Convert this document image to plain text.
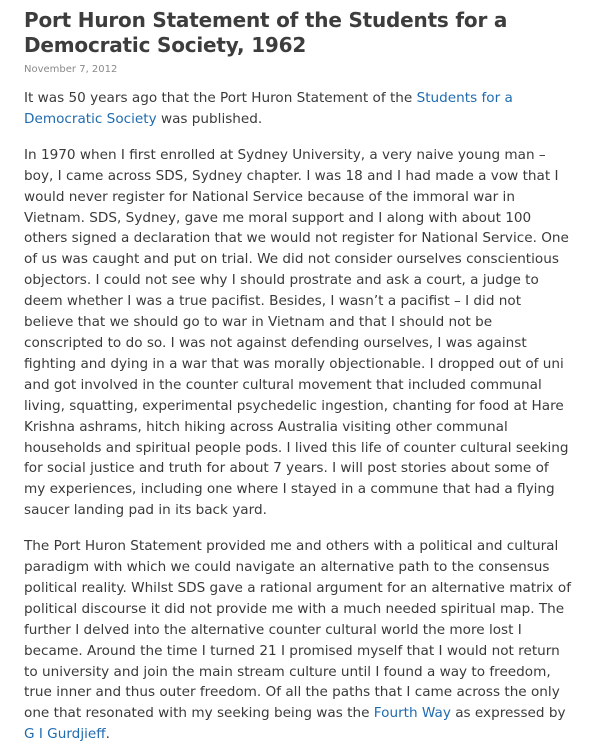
Port Huron Statement of the Students for a Democratic Society, 1962
November 7, 2012

It was 50 years ago that the Port Huron Statement of the Students for a Democratic Society was published.

In 1970 when I first enrolled at Sydney University, a very naive young man – boy, I came across SDS, Sydney chapter. I was 18 and I had made a vow that I would never register for National Service because of the immoral war in Vietnam. SDS, Sydney, gave me moral support and I along with about 100 others signed a declaration that we would not register for National Service. One of us was caught and put on trial. We did not consider ourselves conscientious objectors. I could not see why I should prostrate and ask a court, a judge to deem whether I was a true pacifist. Besides, I wasn’t a pacifist – I did not believe that we should go to war in Vietnam and that I should not be conscripted to do so. I was not against defending ourselves, I was against fighting and dying in a war that was morally objectionable. I dropped out of uni and got involved in the counter cultural movement that included communal living, squatting, experimental psychedelic ingestion, chanting for food at Hare Krishna ashrams, hitch hiking across Australia visiting other communal households and spiritual people pods. I lived this life of counter cultural seeking for social justice and truth for about 7 years. I will post stories about some of my experiences, including one where I stayed in a commune that had a flying saucer landing pad in its back yard.

The Port Huron Statement provided me and others with a political and cultural paradigm with which we could navigate an alternative path to the consensus political reality. Whilst SDS gave a rational argument for an alternative matrix of political discourse it did not provide me with a much needed spiritual map. The further I delved into the alternative counter cultural world the more lost I became. Around the time I turned 21 I promised myself that I would not return to university and join the main stream culture until I found a way to freedom, true inner and thus outer freedom. Of all the paths that I came across the only one that resonated with my seeking being was the Fourth Way as expressed by G I Gurdjieff.
